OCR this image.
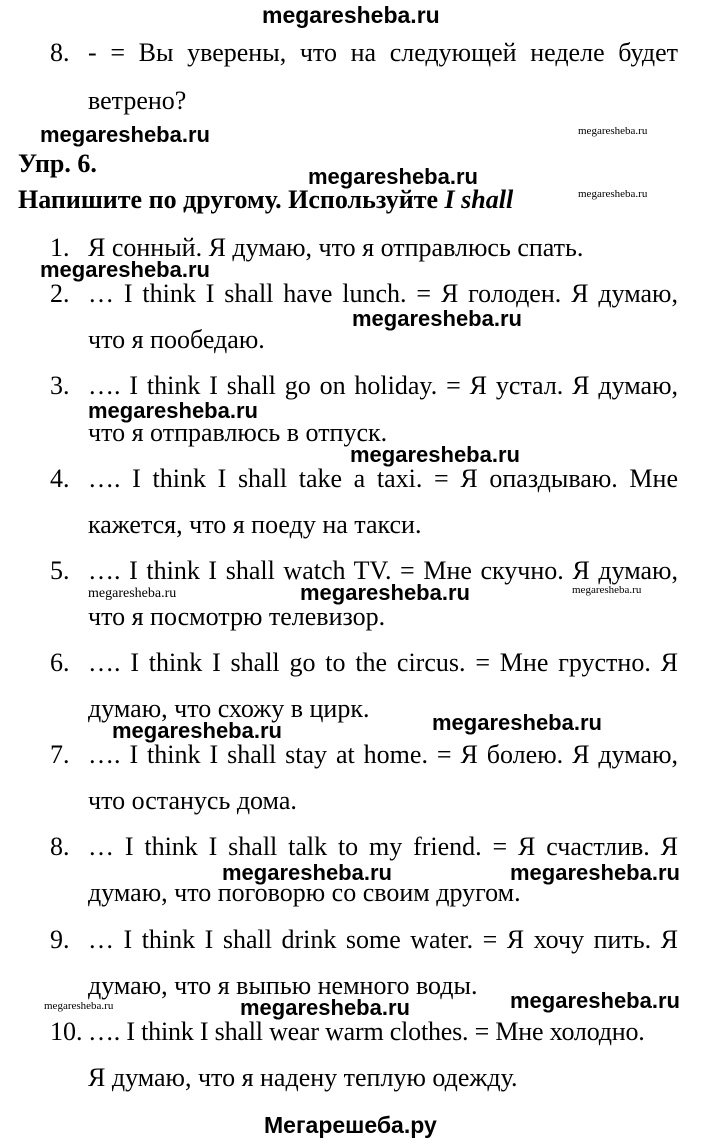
megaresheba.ru
8. - = Вы уверены, что на следующей неделе будет
ветрено?
megaresheba.ru	megaresheba.ru
Упр. 6.	megaresheba.ru
Напишите по другому. Используйте I shall	megaresheba.ru
1. Я сонный. Я думаю, что я отправлюсь спать.
megaresheba.ru
2. … I think I shall have lunch. = Я голоден. Я думаю,
megaresheba.ru
что я пообедаю.
3. …. I think I shall go on holiday. = Я устал. Я думаю,
megaresheba.ru
что я отправлюсь в отпуск.
megaresheba.ru
4. …. I think I shall take a taxi. = Я опаздываю. Мне
кажется, что я поеду на такси.
5. …. I think I shall watch TV. = Мне скучно. Я думаю,
megaresheba.ru	megaresheba.ru	megaresheba.ru
что я посмотрю телевизор.
6. …. I think I shall go to the circus. = Мне грустно. Я
думаю, что схожу в цирк.	megaresheba.ru
megaresheba.ru
7. …. I think I shall stay at home. = Я болею. Я думаю,
что останусь дома.
8. … I think I shall talk to my friend. = Я счастлив. Я
megaresheba.ru	megaresheba.ru
думаю, что поговорю со своим другом.
9. … I think I shall drink some water. = Я хочу пить. Я
думаю, что я выпью немного воды.
megaresheba.ru	megaresheba.ru	megaresheba.ru
10. …. I think I shall wear warm clothes. = Мне холодно.
Я думаю, что я надену теплую одежду.
Мегарешеба.ру
